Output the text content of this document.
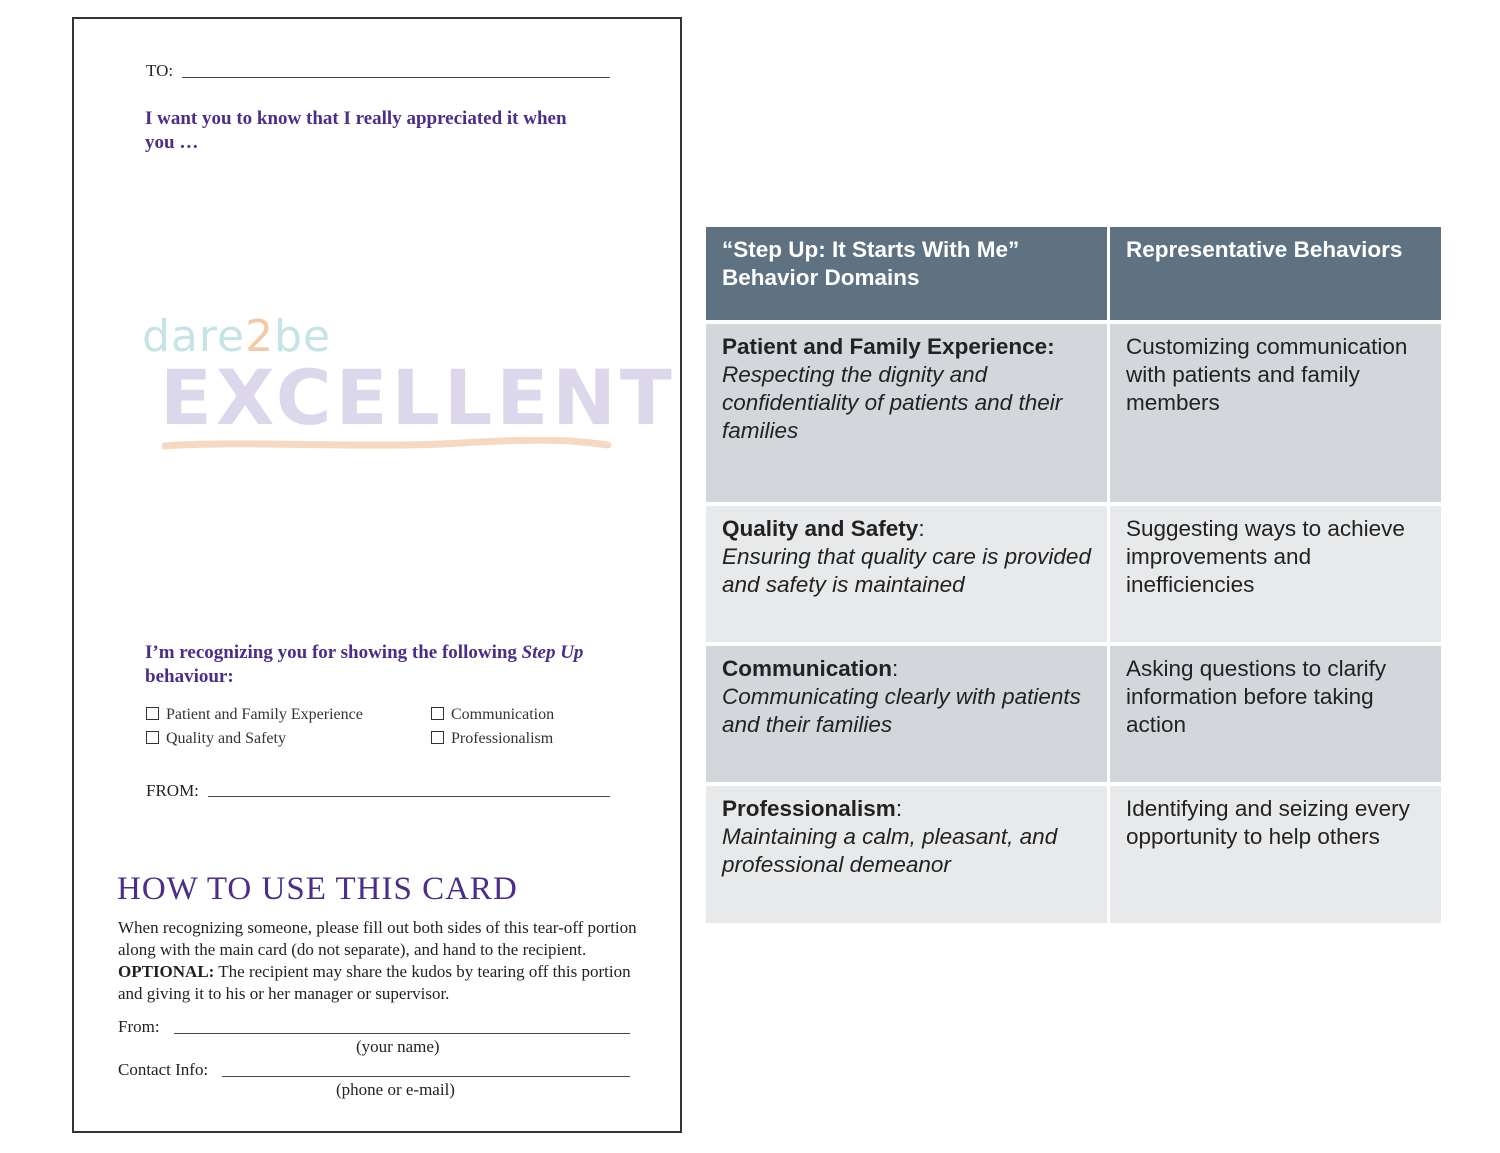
TO:
I want you to know that I really appreciated it when you …
dare2be
EXCELLENT
I’m recognizing you for showing the following Step Up behaviour:
Patient and Family Experience	Communication
Quality and Safety	Professionalism
FROM:
HOW TO USE THIS CARD
When recognizing someone, please fill out both sides of this tear-off portion along with the main card (do not separate), and hand to the recipient. OPTIONAL: The recipient may share the kudos by tearing off this portion and giving it to his or her manager or supervisor.
From:
(your name)
Contact Info:
(phone or e-mail)
“Step Up: It Starts With Me” Behavior Domains
Representative Behaviors
Patient and Family Experience:
Respecting the dignity and confidentiality of patients and their families
Customizing communication with patients and family members
Quality and Safety:
Ensuring that quality care is provided and safety is maintained
Suggesting ways to achieve improvements and inefficiencies
Communication:
Communicating clearly with patients and their families
Asking questions to clarify information before taking action
Professionalism:
Maintaining a calm, pleasant, and professional demeanor
Identifying and seizing every opportunity to help others
